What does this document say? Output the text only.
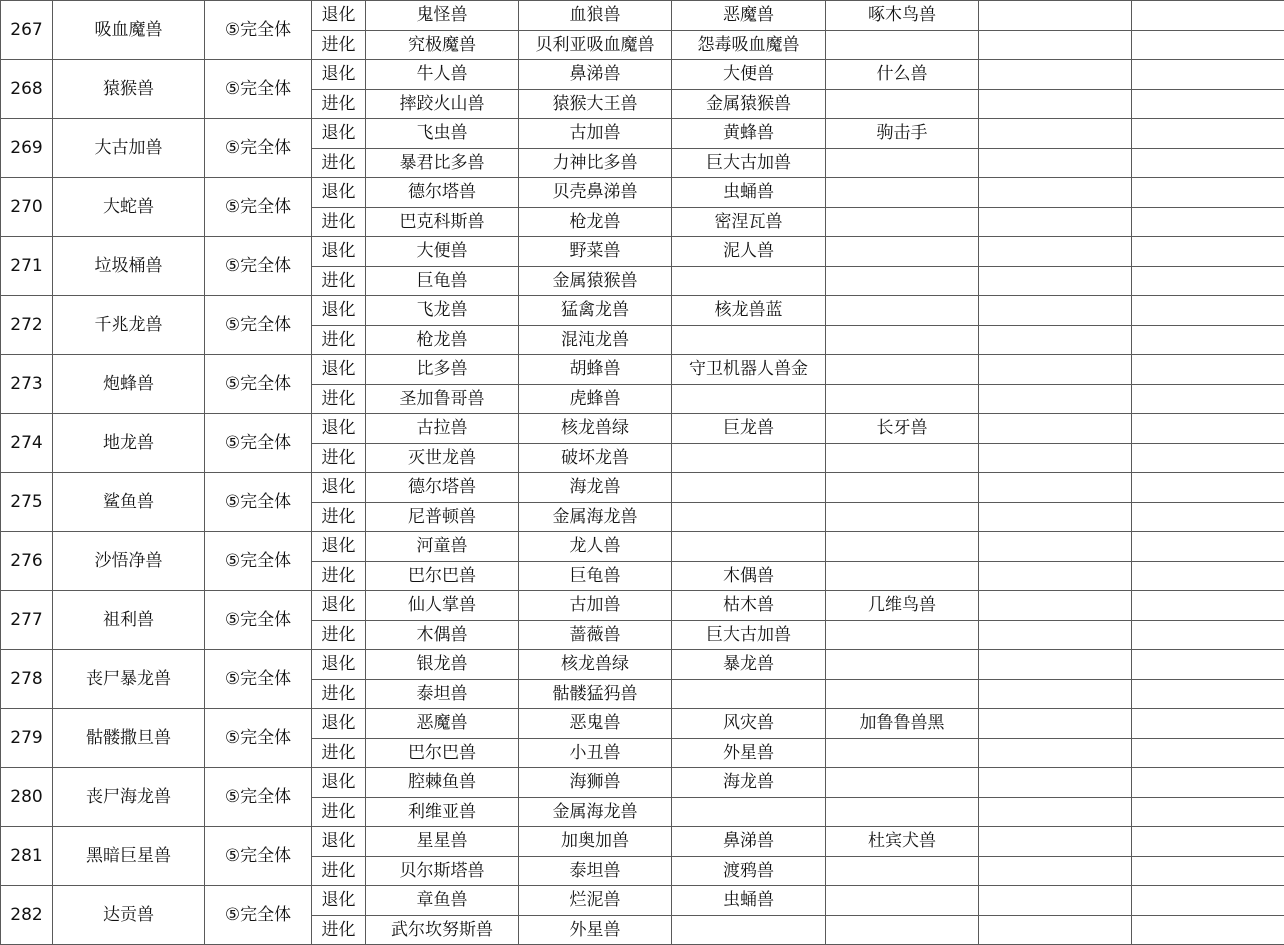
267	吸血魔兽	⑤完全体	退化	鬼怪兽	血狼兽	恶魔兽	啄木鸟兽		
			进化	究极魔兽	贝利亚吸血魔兽	怨毒吸血魔兽			
268	猿猴兽	⑤完全体	退化	牛人兽	鼻涕兽	大便兽	什么兽		
			进化	摔跤火山兽	猿猴大王兽	金属猿猴兽			
269	大古加兽	⑤完全体	退化	飞虫兽	古加兽	黄蜂兽	驹击手		
			进化	暴君比多兽	力神比多兽	巨大古加兽			
270	大蛇兽	⑤完全体	退化	德尔塔兽	贝壳鼻涕兽	虫蛹兽			
			进化	巴克科斯兽	枪龙兽	密涅瓦兽			
271	垃圾桶兽	⑤完全体	退化	大便兽	野菜兽	泥人兽			
			进化	巨龟兽	金属猿猴兽				
272	千兆龙兽	⑤完全体	退化	飞龙兽	猛禽龙兽	核龙兽蓝			
			进化	枪龙兽	混沌龙兽				
273	炮蜂兽	⑤完全体	退化	比多兽	胡蜂兽	守卫机器人兽金			
			进化	圣加鲁哥兽	虎蜂兽				
274	地龙兽	⑤完全体	退化	古拉兽	核龙兽绿	巨龙兽	长牙兽		
			进化	灭世龙兽	破坏龙兽				
275	鲨鱼兽	⑤完全体	退化	德尔塔兽	海龙兽				
			进化	尼普顿兽	金属海龙兽				
276	沙悟净兽	⑤完全体	退化	河童兽	龙人兽				
			进化	巴尔巴兽	巨龟兽	木偶兽			
277	祖利兽	⑤完全体	退化	仙人掌兽	古加兽	枯木兽	几维鸟兽		
			进化	木偶兽	蔷薇兽	巨大古加兽			
278	丧尸暴龙兽	⑤完全体	退化	银龙兽	核龙兽绿	暴龙兽			
			进化	泰坦兽	骷髅猛犸兽				
279	骷髅撒旦兽	⑤完全体	退化	恶魔兽	恶鬼兽	风灾兽	加鲁鲁兽黑		
			进化	巴尔巴兽	小丑兽	外星兽			
280	丧尸海龙兽	⑤完全体	退化	腔棘鱼兽	海狮兽	海龙兽			
			进化	利维亚兽	金属海龙兽				
281	黑暗巨星兽	⑤完全体	退化	星星兽	加奥加兽	鼻涕兽	杜宾犬兽		
			进化	贝尔斯塔兽	泰坦兽	渡鸦兽			
282	达贡兽	⑤完全体	退化	章鱼兽	烂泥兽	虫蛹兽			
			进化	武尔坎努斯兽	外星兽				
